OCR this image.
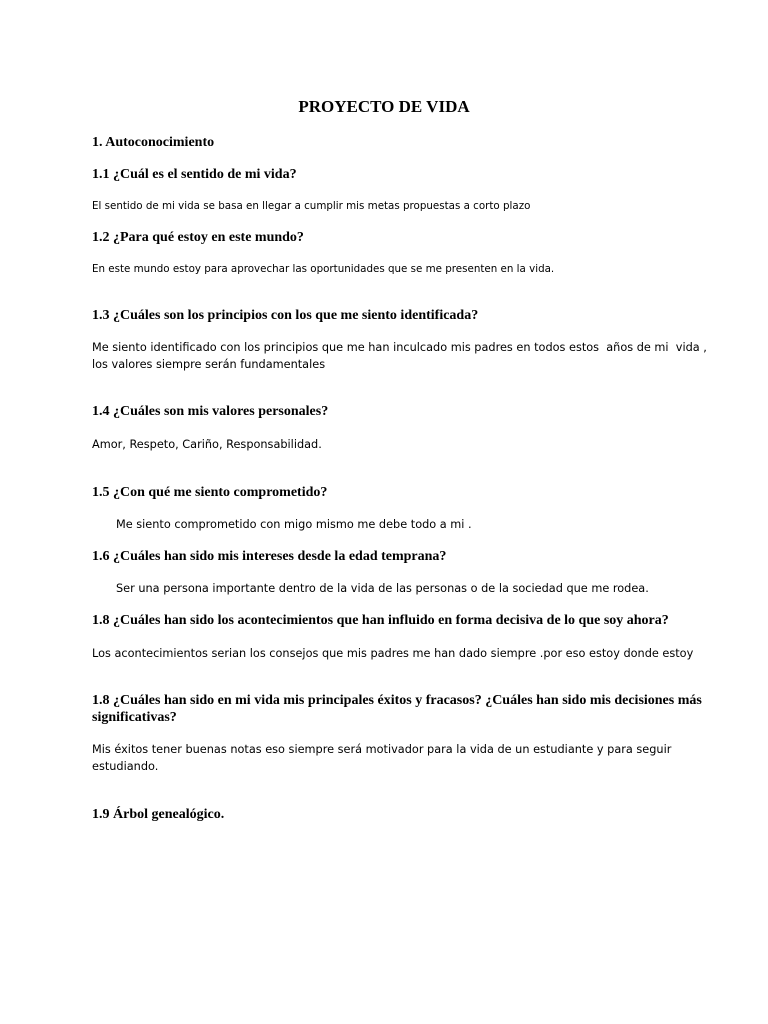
PROYECTO DE VIDA
1. Autoconocimiento
1.1 ¿Cuál es el sentido de mi vida?
El sentido de mi vida se basa en llegar a cumplir mis metas propuestas a corto plazo
1.2 ¿Para qué estoy en este mundo?
En este mundo estoy para aprovechar las oportunidades que se me presenten en la vida.
1.3 ¿Cuáles son los principios con los que me siento identificada?
Me siento identificado con los principios que me han inculcado mis padres en todos estos  años de mi  vida ,
los valores siempre serán fundamentales
1.4 ¿Cuáles son mis valores personales?
Amor, Respeto, Cariño, Responsabilidad.
1.5 ¿Con qué me siento comprometido?
Me siento comprometido con migo mismo me debe todo a mi .
1.6 ¿Cuáles han sido mis intereses desde la edad temprana?
Ser una persona importante dentro de la vida de las personas o de la sociedad que me rodea.
1.8 ¿Cuáles han sido los acontecimientos que han influido en forma decisiva de lo que soy ahora?
Los acontecimientos serian los consejos que mis padres me han dado siempre .por eso estoy donde estoy
1.8 ¿Cuáles han sido en mi vida mis principales éxitos y fracasos? ¿Cuáles han sido mis decisiones más significativas?
Mis éxitos tener buenas notas eso siempre será motivador para la vida de un estudiante y para seguir
estudiando.
1.9 Árbol genealógico.
